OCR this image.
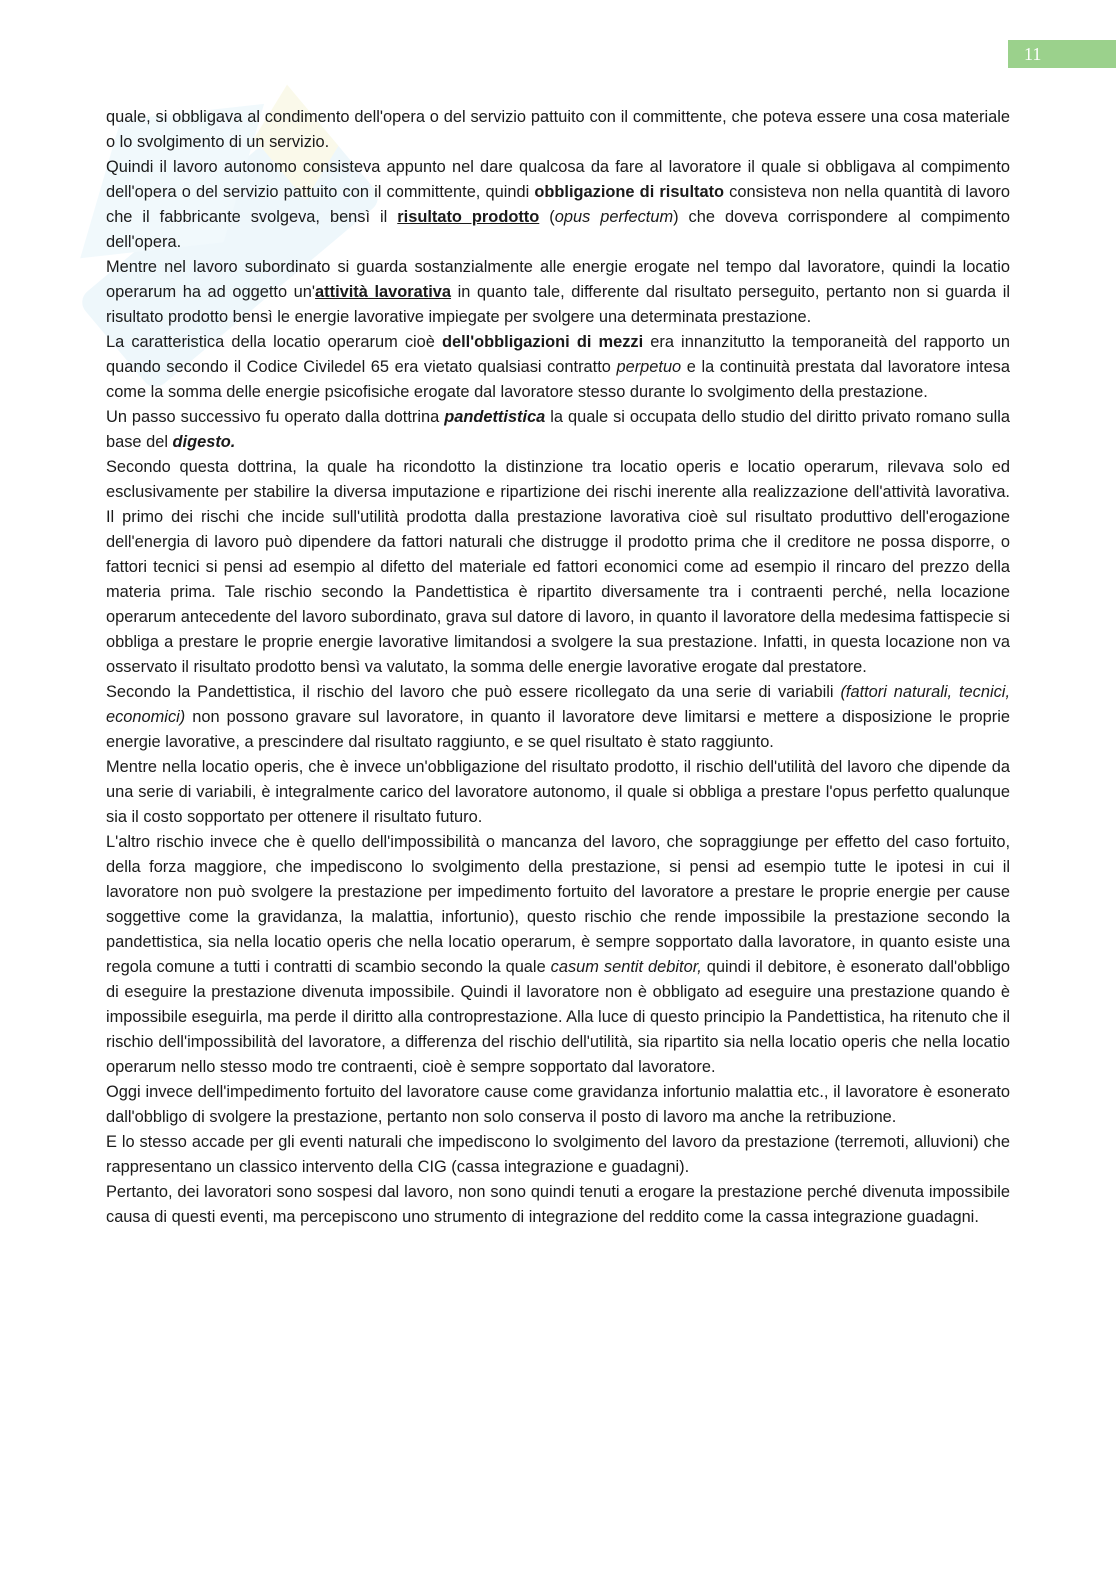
11

quale, si obbligava al condimento dell'opera o del servizio pattuito con il committente, che poteva essere una cosa materiale o lo svolgimento di un servizio.

Quindi il lavoro autonomo consisteva appunto nel dare qualcosa da fare al lavoratore il quale si obbligava al compimento dell'opera o del servizio pattuito con il committente, quindi obbligazione di risultato consisteva non nella quantità di lavoro che il fabbricante svolgeva, bensì il risultato prodotto (opus perfectum) che doveva corrispondere al compimento dell'opera.

Mentre nel lavoro subordinato si guarda sostanzialmente alle energie erogate nel tempo dal lavoratore, quindi la locatio operarum ha ad oggetto un'attività lavorativa in quanto tale, differente dal risultato perseguito, pertanto non si guarda il risultato prodotto bensì le energie lavorative impiegate per svolgere una determinata prestazione.

La caratteristica della locatio operarum cioè dell'obbligazioni di mezzi era innanzitutto la temporaneità del rapporto un quando secondo il Codice Civiledel 65 era vietato qualsiasi contratto perpetuo e la continuità prestata dal lavoratore intesa come la somma delle energie psicofisiche erogate dal lavoratore stesso durante lo svolgimento della prestazione.

Un passo successivo fu operato dalla dottrina pandettistica la quale si occupata dello studio del diritto privato romano sulla base del digesto.

Secondo questa dottrina, la quale ha ricondotto la distinzione tra locatio operis e locatio operarum, rilevava solo ed esclusivamente per stabilire la diversa imputazione e ripartizione dei rischi inerente alla realizzazione dell'attività lavorativa. Il primo dei rischi che incide sull'utilità prodotta dalla prestazione lavorativa cioè sul risultato produttivo dell'erogazione dell'energia di lavoro può dipendere da fattori naturali che distrugge il prodotto prima che il creditore ne possa disporre, o fattori tecnici si pensi ad esempio al difetto del materiale ed fattori economici come ad esempio il rincaro del prezzo della materia prima. Tale rischio secondo la Pandettistica è ripartito diversamente tra i contraenti perché, nella locazione operarum antecedente del lavoro subordinato, grava sul datore di lavoro, in quanto il lavoratore della medesima fattispecie si obbliga a prestare le proprie energie lavorative limitandosi a svolgere la sua prestazione. Infatti, in questa locazione non va osservato il risultato prodotto bensì va valutato, la somma delle energie lavorative erogate dal prestatore.

Secondo la Pandettistica, il rischio del lavoro che può essere ricollegato da una serie di variabili (fattori naturali, tecnici, economici) non possono gravare sul lavoratore, in quanto il lavoratore deve limitarsi e mettere a disposizione le proprie energie lavorative, a prescindere dal risultato raggiunto, e se quel risultato è stato raggiunto.

Mentre nella locatio operis, che è invece un'obbligazione del risultato prodotto, il rischio dell'utilità del lavoro che dipende da una serie di variabili, è integralmente carico del lavoratore autonomo, il quale si obbliga a prestare l'opus perfetto qualunque sia il costo sopportato per ottenere il risultato futuro.

L'altro rischio invece che è quello dell'impossibilità o mancanza del lavoro, che sopraggiunge per effetto del caso fortuito, della forza maggiore, che impediscono lo svolgimento della prestazione, si pensi ad esempio tutte le ipotesi in cui il lavoratore non può svolgere la prestazione per impedimento fortuito del lavoratore a prestare le proprie energie per cause soggettive come la gravidanza, la malattia, infortunio), questo rischio che rende impossibile la prestazione secondo la pandettistica, sia nella locatio operis che nella locatio operarum, è sempre sopportato dalla lavoratore, in quanto esiste una regola comune a tutti i contratti di scambio secondo la quale casum sentit debitor, quindi il debitore, è esonerato dall'obbligo di eseguire la prestazione divenuta impossibile. Quindi il lavoratore non è obbligato ad eseguire una prestazione quando è impossibile eseguirla, ma perde il diritto alla controprestazione. Alla luce di questo principio la Pandettistica, ha ritenuto che il rischio dell'impossibilità del lavoratore, a differenza del rischio dell'utilità, sia ripartito sia nella locatio operis che nella locatio operarum nello stesso modo tre contraenti, cioè è sempre sopportato dal lavoratore.

Oggi invece dell'impedimento fortuito del lavoratore cause come gravidanza infortunio malattia etc., il lavoratore è esonerato dall'obbligo di svolgere la prestazione, pertanto non solo conserva il posto di lavoro ma anche la retribuzione.

E lo stesso accade per gli eventi naturali che impediscono lo svolgimento del lavoro da prestazione (terremoti, alluvioni) che rappresentano un classico intervento della CIG (cassa integrazione e guadagni).

Pertanto, dei lavoratori sono sospesi dal lavoro, non sono quindi tenuti a erogare la prestazione perché divenuta impossibile causa di questi eventi, ma percepiscono uno strumento di integrazione del reddito come la cassa integrazione guadagni.
